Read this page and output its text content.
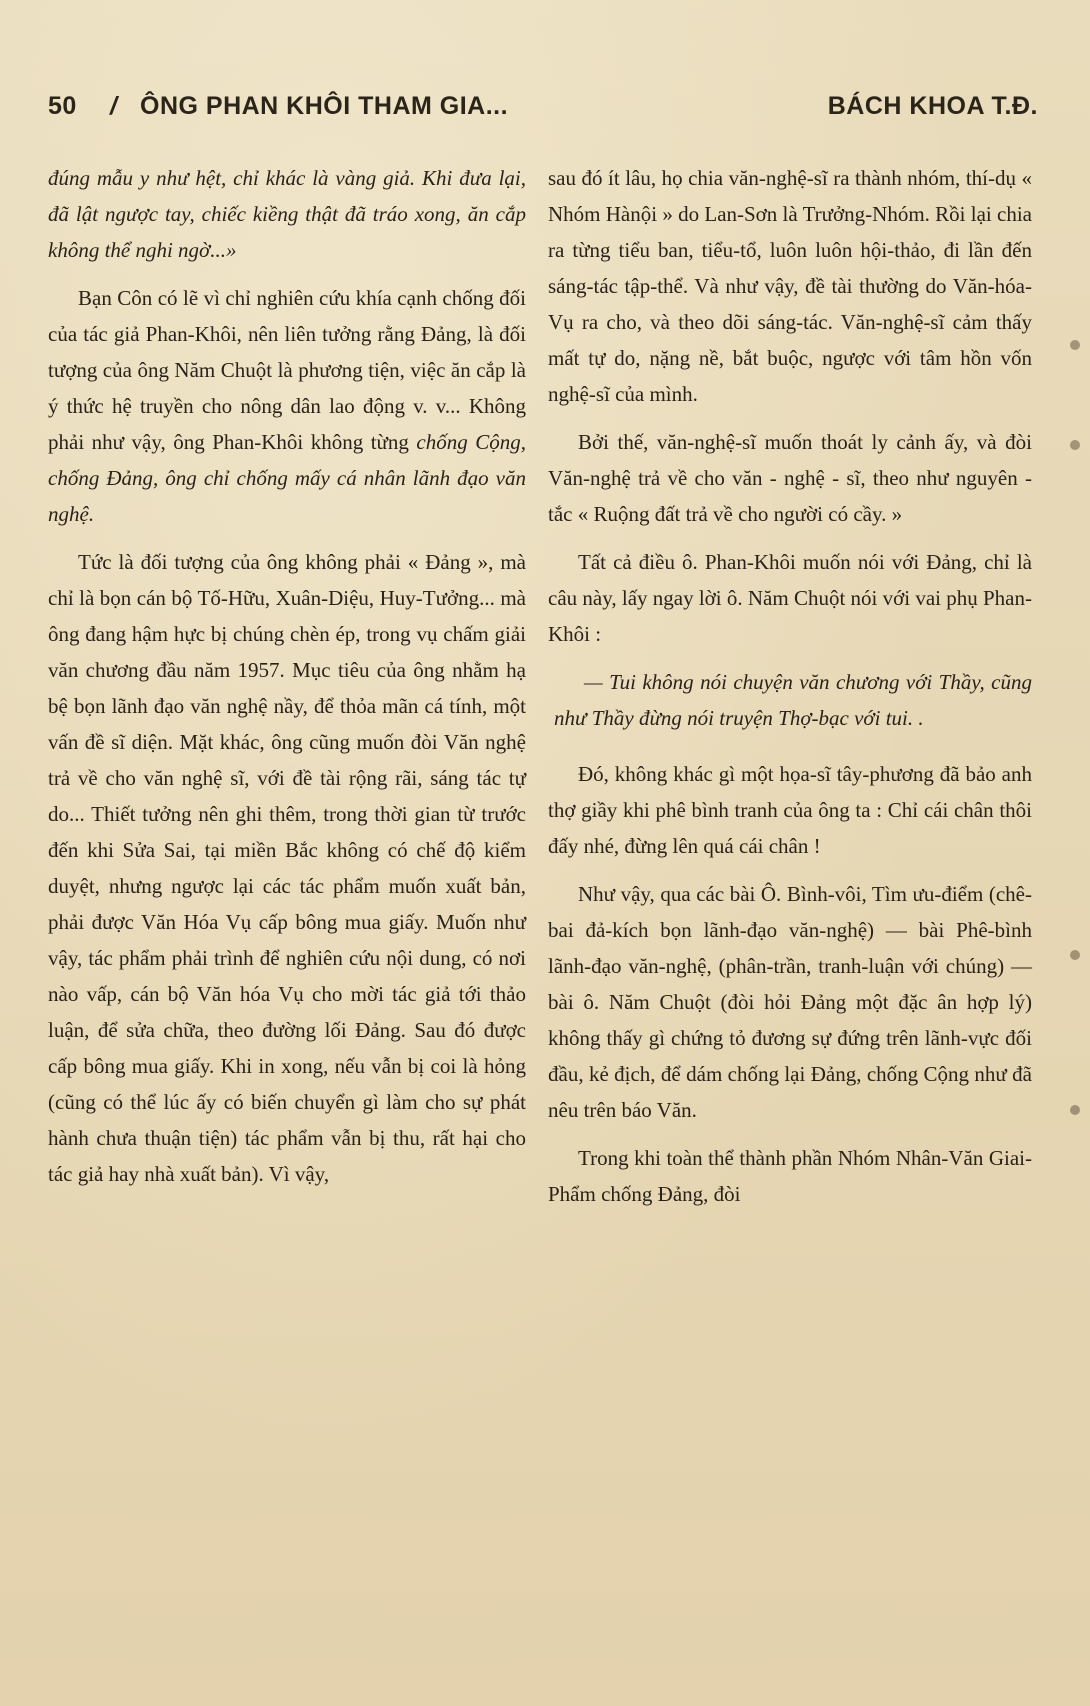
50 / ÔNG PHAN KHÔI THAM GIA...	BÁCH KHOA T.Đ.

đúng mẫu y như hệt, chỉ khác là vàng giả. Khi đưa lại, đã lật ngược tay, chiếc kiềng thật đã tráo xong, ăn cắp không thể nghi ngờ...»

Bạn Côn có lẽ vì chỉ nghiên cứu khía cạnh chống đối của tác giả Phan-Khôi, nên liên tưởng rằng Đảng, là đối tượng của ông Năm Chuột là phương tiện, việc ăn cắp là ý thức hệ truyền cho nông dân lao động v. v... Không phải như vậy, ông Phan-Khôi không từng chống Cộng, chống Đảng, ông chỉ chống mấy cá nhân lãnh đạo văn nghệ.

Tức là đối tượng của ông không phải « Đảng », mà chỉ là bọn cán bộ Tố-Hữu, Xuân-Diệu, Huy-Tưởng... mà ông đang hậm hực bị chúng chèn ép, trong vụ chấm giải văn chương đầu năm 1957. Mục tiêu của ông nhằm hạ bệ bọn lãnh đạo văn nghệ nầy, để thỏa mãn cá tính, một vấn đề sĩ diện. Mặt khác, ông cũng muốn đòi Văn nghệ trả về cho văn nghệ sĩ, với đề tài rộng rãi, sáng tác tự do... Thiết tưởng nên ghi thêm, trong thời gian từ trước đến khi Sửa Sai, tại miền Bắc không có chế độ kiểm duyệt, nhưng ngược lại các tác phẩm muốn xuất bản, phải được Văn Hóa Vụ cấp bông mua giấy. Muốn như vậy, tác phẩm phải trình để nghiên cứu nội dung, có nơi nào vấp, cán bộ Văn hóa Vụ cho mời tác giả tới thảo luận, để sửa chữa, theo đường lối Đảng. Sau đó được cấp bông mua giấy. Khi in xong, nếu vẫn bị coi là hỏng (cũng có thể lúc ấy có biến chuyển gì làm cho sự phát hành chưa thuận tiện) tác phẩm vẫn bị thu, rất hại cho tác giả hay nhà xuất bản). Vì vậy,

sau đó ít lâu, họ chia văn-nghệ-sĩ ra thành nhóm, thí-dụ « Nhóm Hànội » do Lan-Sơn là Trưởng-Nhóm. Rồi lại chia ra từng tiểu ban, tiểu-tổ, luôn luôn hội-thảo, đi lần đến sáng-tác tập-thể. Và như vậy, đề tài thường do Văn-hóa-Vụ ra cho, và theo dõi sáng-tác. Văn-nghệ-sĩ cảm thấy mất tự do, nặng nề, bắt buộc, ngược với tâm hồn vốn nghệ-sĩ của mình.

Bởi thế, văn-nghệ-sĩ muốn thoát ly cảnh ấy, và đòi Văn-nghệ trả về cho văn - nghệ - sĩ, theo như nguyên - tắc « Ruộng đất trả về cho người có cầy. »

Tất cả điều ô. Phan-Khôi muốn nói với Đảng, chỉ là câu này, lấy ngay lời ô. Năm Chuột nói với vai phụ Phan-Khôi :

— Tui không nói chuyện văn chương với Thầy, cũng như Thầy đừng nói truyện Thợ-bạc với tui. .

Đó, không khác gì một họa-sĩ tây-phương đã bảo anh thợ giầy khi phê bình tranh của ông ta : Chỉ cái chân thôi đấy nhé, đừng lên quá cái chân !

Như vậy, qua các bài Ô. Bình-vôi, Tìm ưu-điểm (chê-bai đả-kích bọn lãnh-đạo văn-nghệ) — bài Phê-bình lãnh-đạo văn-nghệ, (phân-trần, tranh-luận với chúng) — bài ô. Năm Chuột (đòi hỏi Đảng một đặc ân hợp lý) không thấy gì chứng tỏ đương sự đứng trên lãnh-vực đối đầu, kẻ địch, để dám chống lại Đảng, chống Cộng như đã nêu trên báo Văn.

Trong khi toàn thể thành phần Nhóm Nhân-Văn Giai-Phẩm chống Đảng, đòi
